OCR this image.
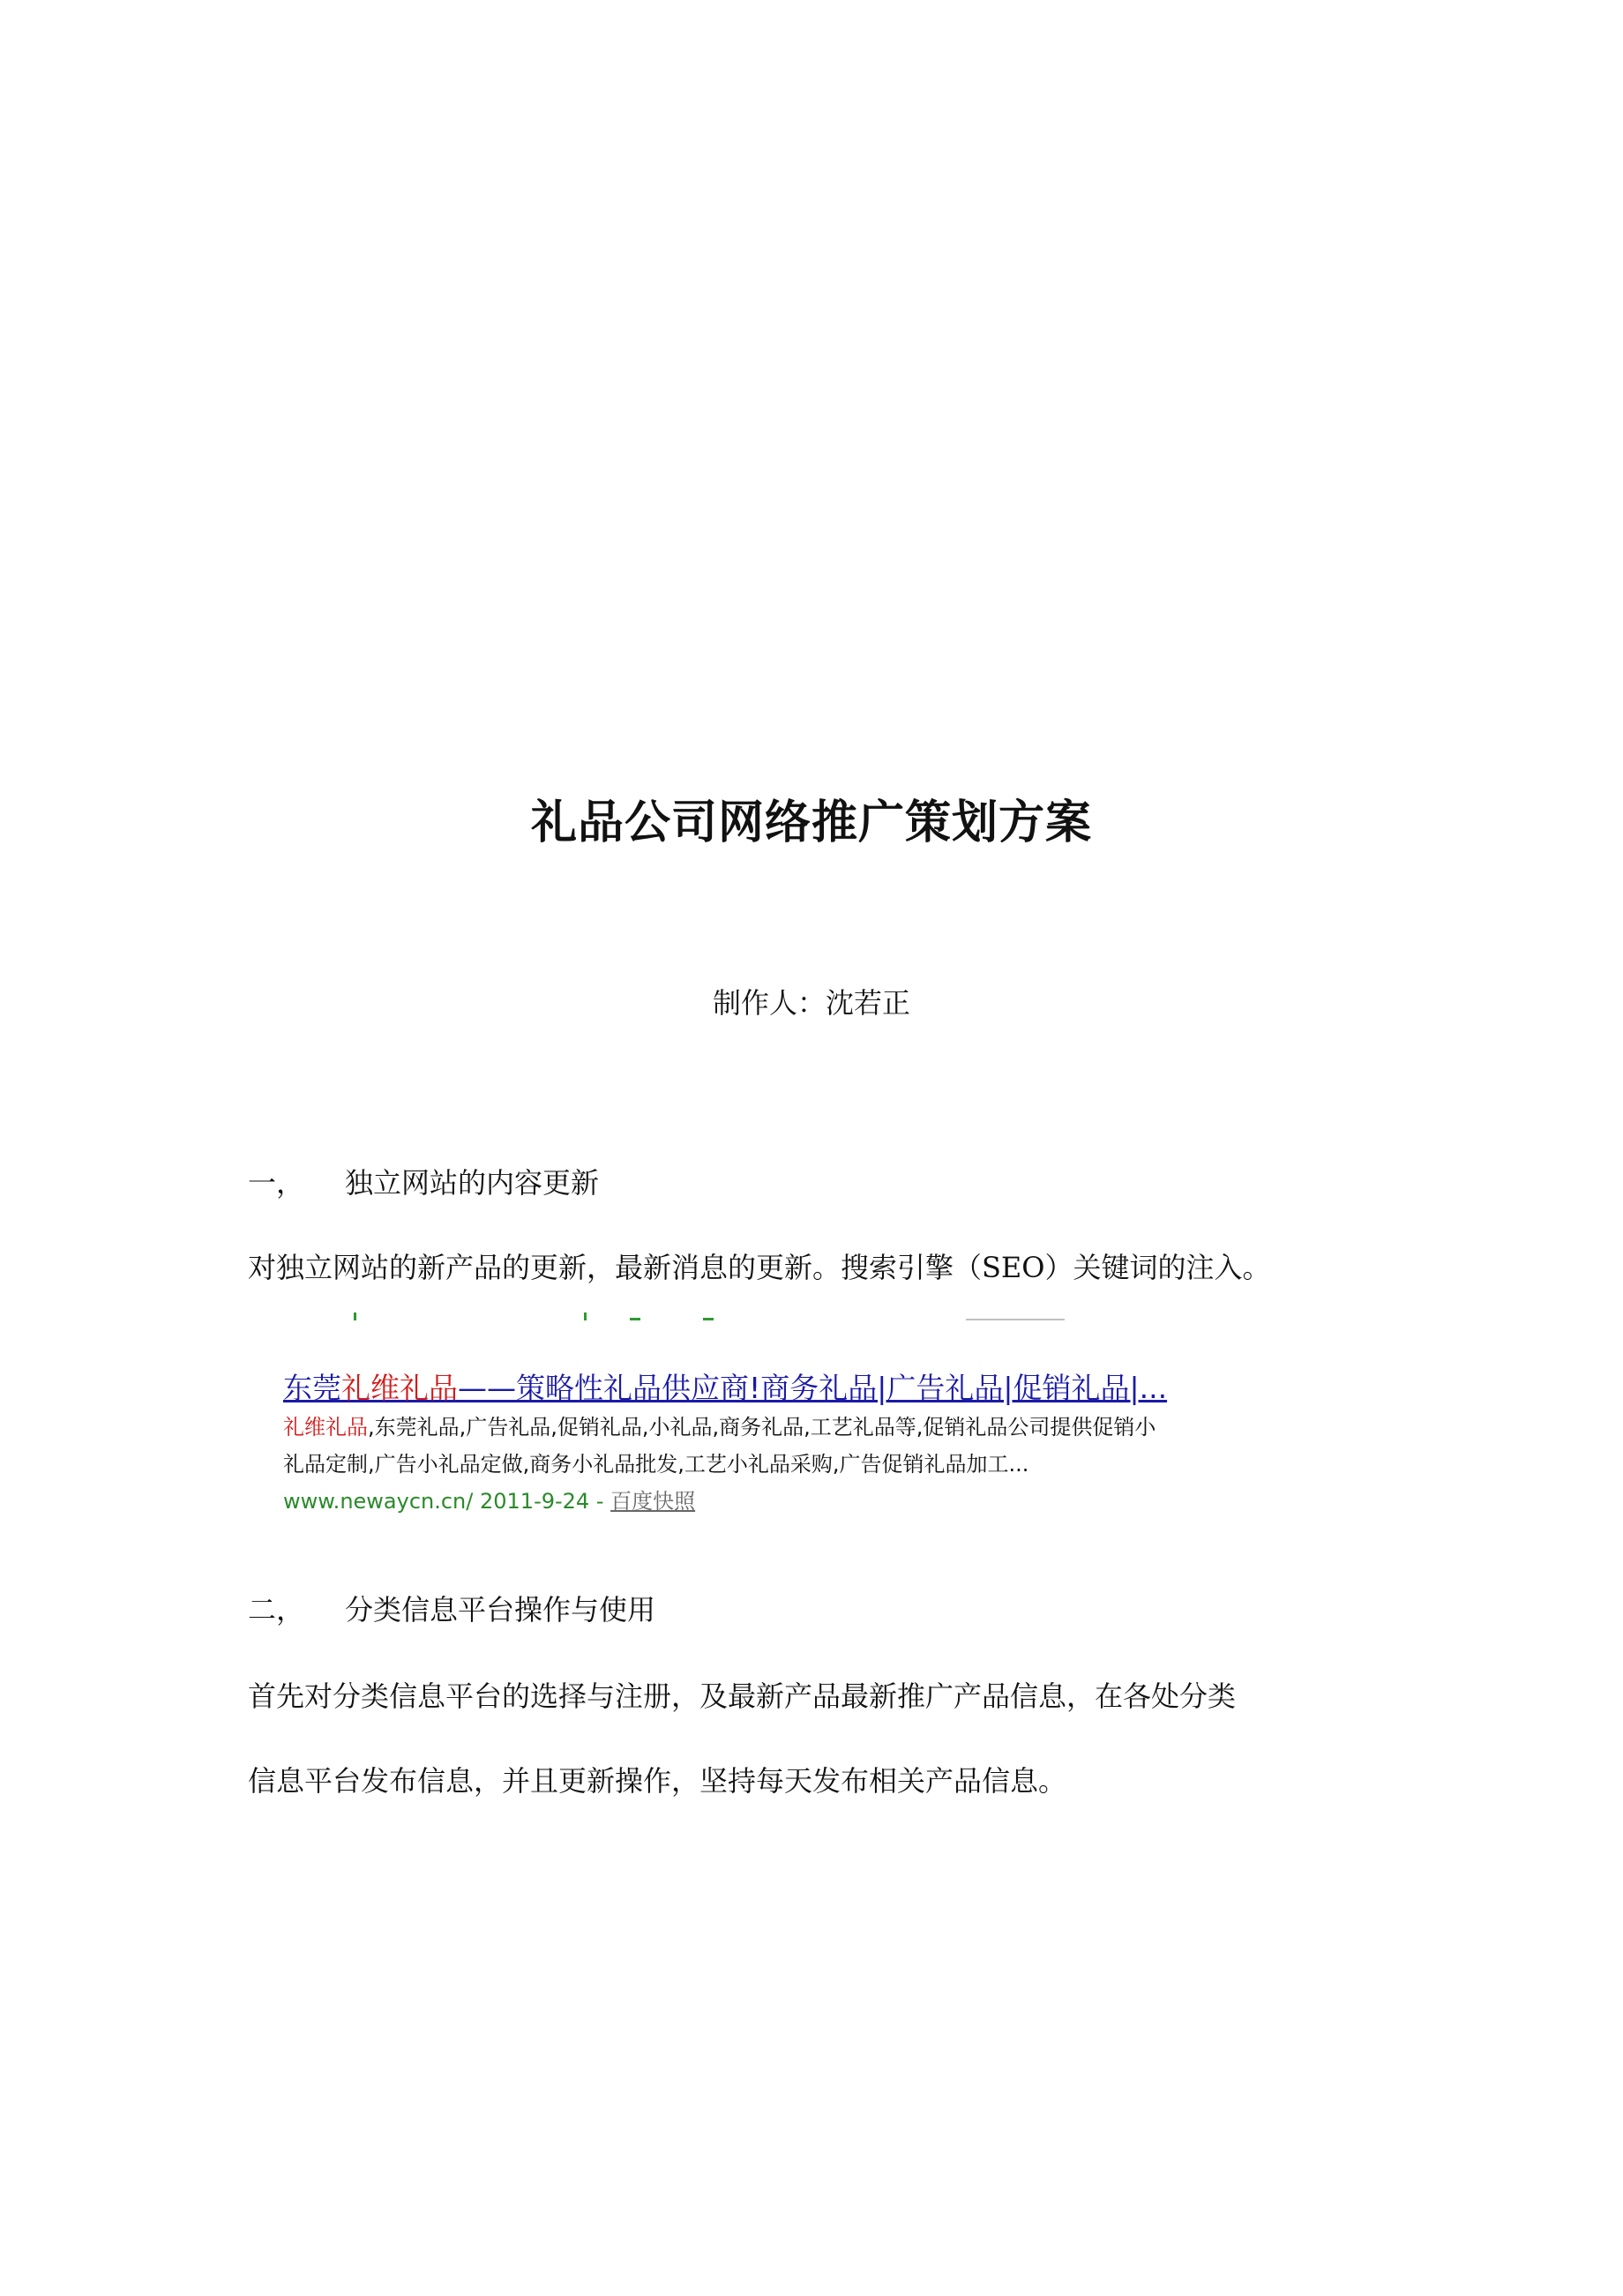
礼品公司网络推广策划方案
制作人：沈若正
一， 独立网站的内容更新
对独立网站的新产品的更新，最新消息的更新。搜索引擎（SEO）关键词的注入。
东莞礼维礼品——策略性礼品供应商!商务礼品|广告礼品|促销礼品|...
礼维礼品,东莞礼品,广告礼品,促销礼品,小礼品,商务礼品,工艺礼品等,促销礼品公司提供促销小
礼品定制,广告小礼品定做,商务小礼品批发,工艺小礼品采购,广告促销礼品加工...
www.newaycn.cn/ 2011-9-24 - 百度快照
二， 分类信息平台操作与使用
首先对分类信息平台的选择与注册，及最新产品最新推广产品信息，在各处分类
信息平台发布信息，并且更新操作，坚持每天发布相关产品信息。
